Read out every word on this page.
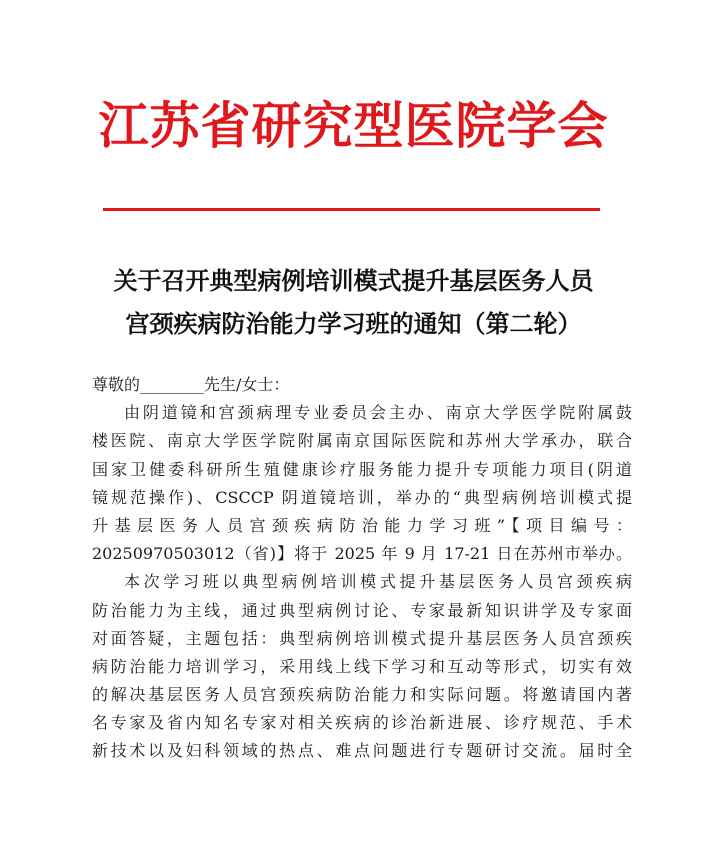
江苏省研究型医院学会
关于召开典型病例培训模式提升基层医务人员
宫颈疾病防治能力学习班的通知（第二轮）
尊敬的________先生/女士：
由阴道镜和宫颈病理专业委员会主办、南京大学医学院附属鼓
楼医院、南京大学医学院附属南京国际医院和苏州大学承办，联合
国家卫健委科研所生殖健康诊疗服务能力提升专项能力项目(阴道
镜规范操作)、CSCCP 阴道镜培训，举办的“典型病例培训模式提
升基层医务人员宫颈疾病防治能力学习班”【项目编号：
20250970503012（省)】将于 2025 年 9 月 17-21 日在苏州市举办。
本次学习班以典型病例培训模式提升基层医务人员宫颈疾病
防治能力为主线，通过典型病例讨论、专家最新知识讲学及专家面
对面答疑，主题包括：典型病例培训模式提升基层医务人员宫颈疾
病防治能力培训学习，采用线上线下学习和互动等形式，切实有效
的解决基层医务人员宫颈疾病防治能力和实际问题。将邀请国内著
名专家及省内知名专家对相关疾病的诊治新进展、诊疗规范、手术
新技术以及妇科领域的热点、难点问题进行专题研讨交流。届时全
